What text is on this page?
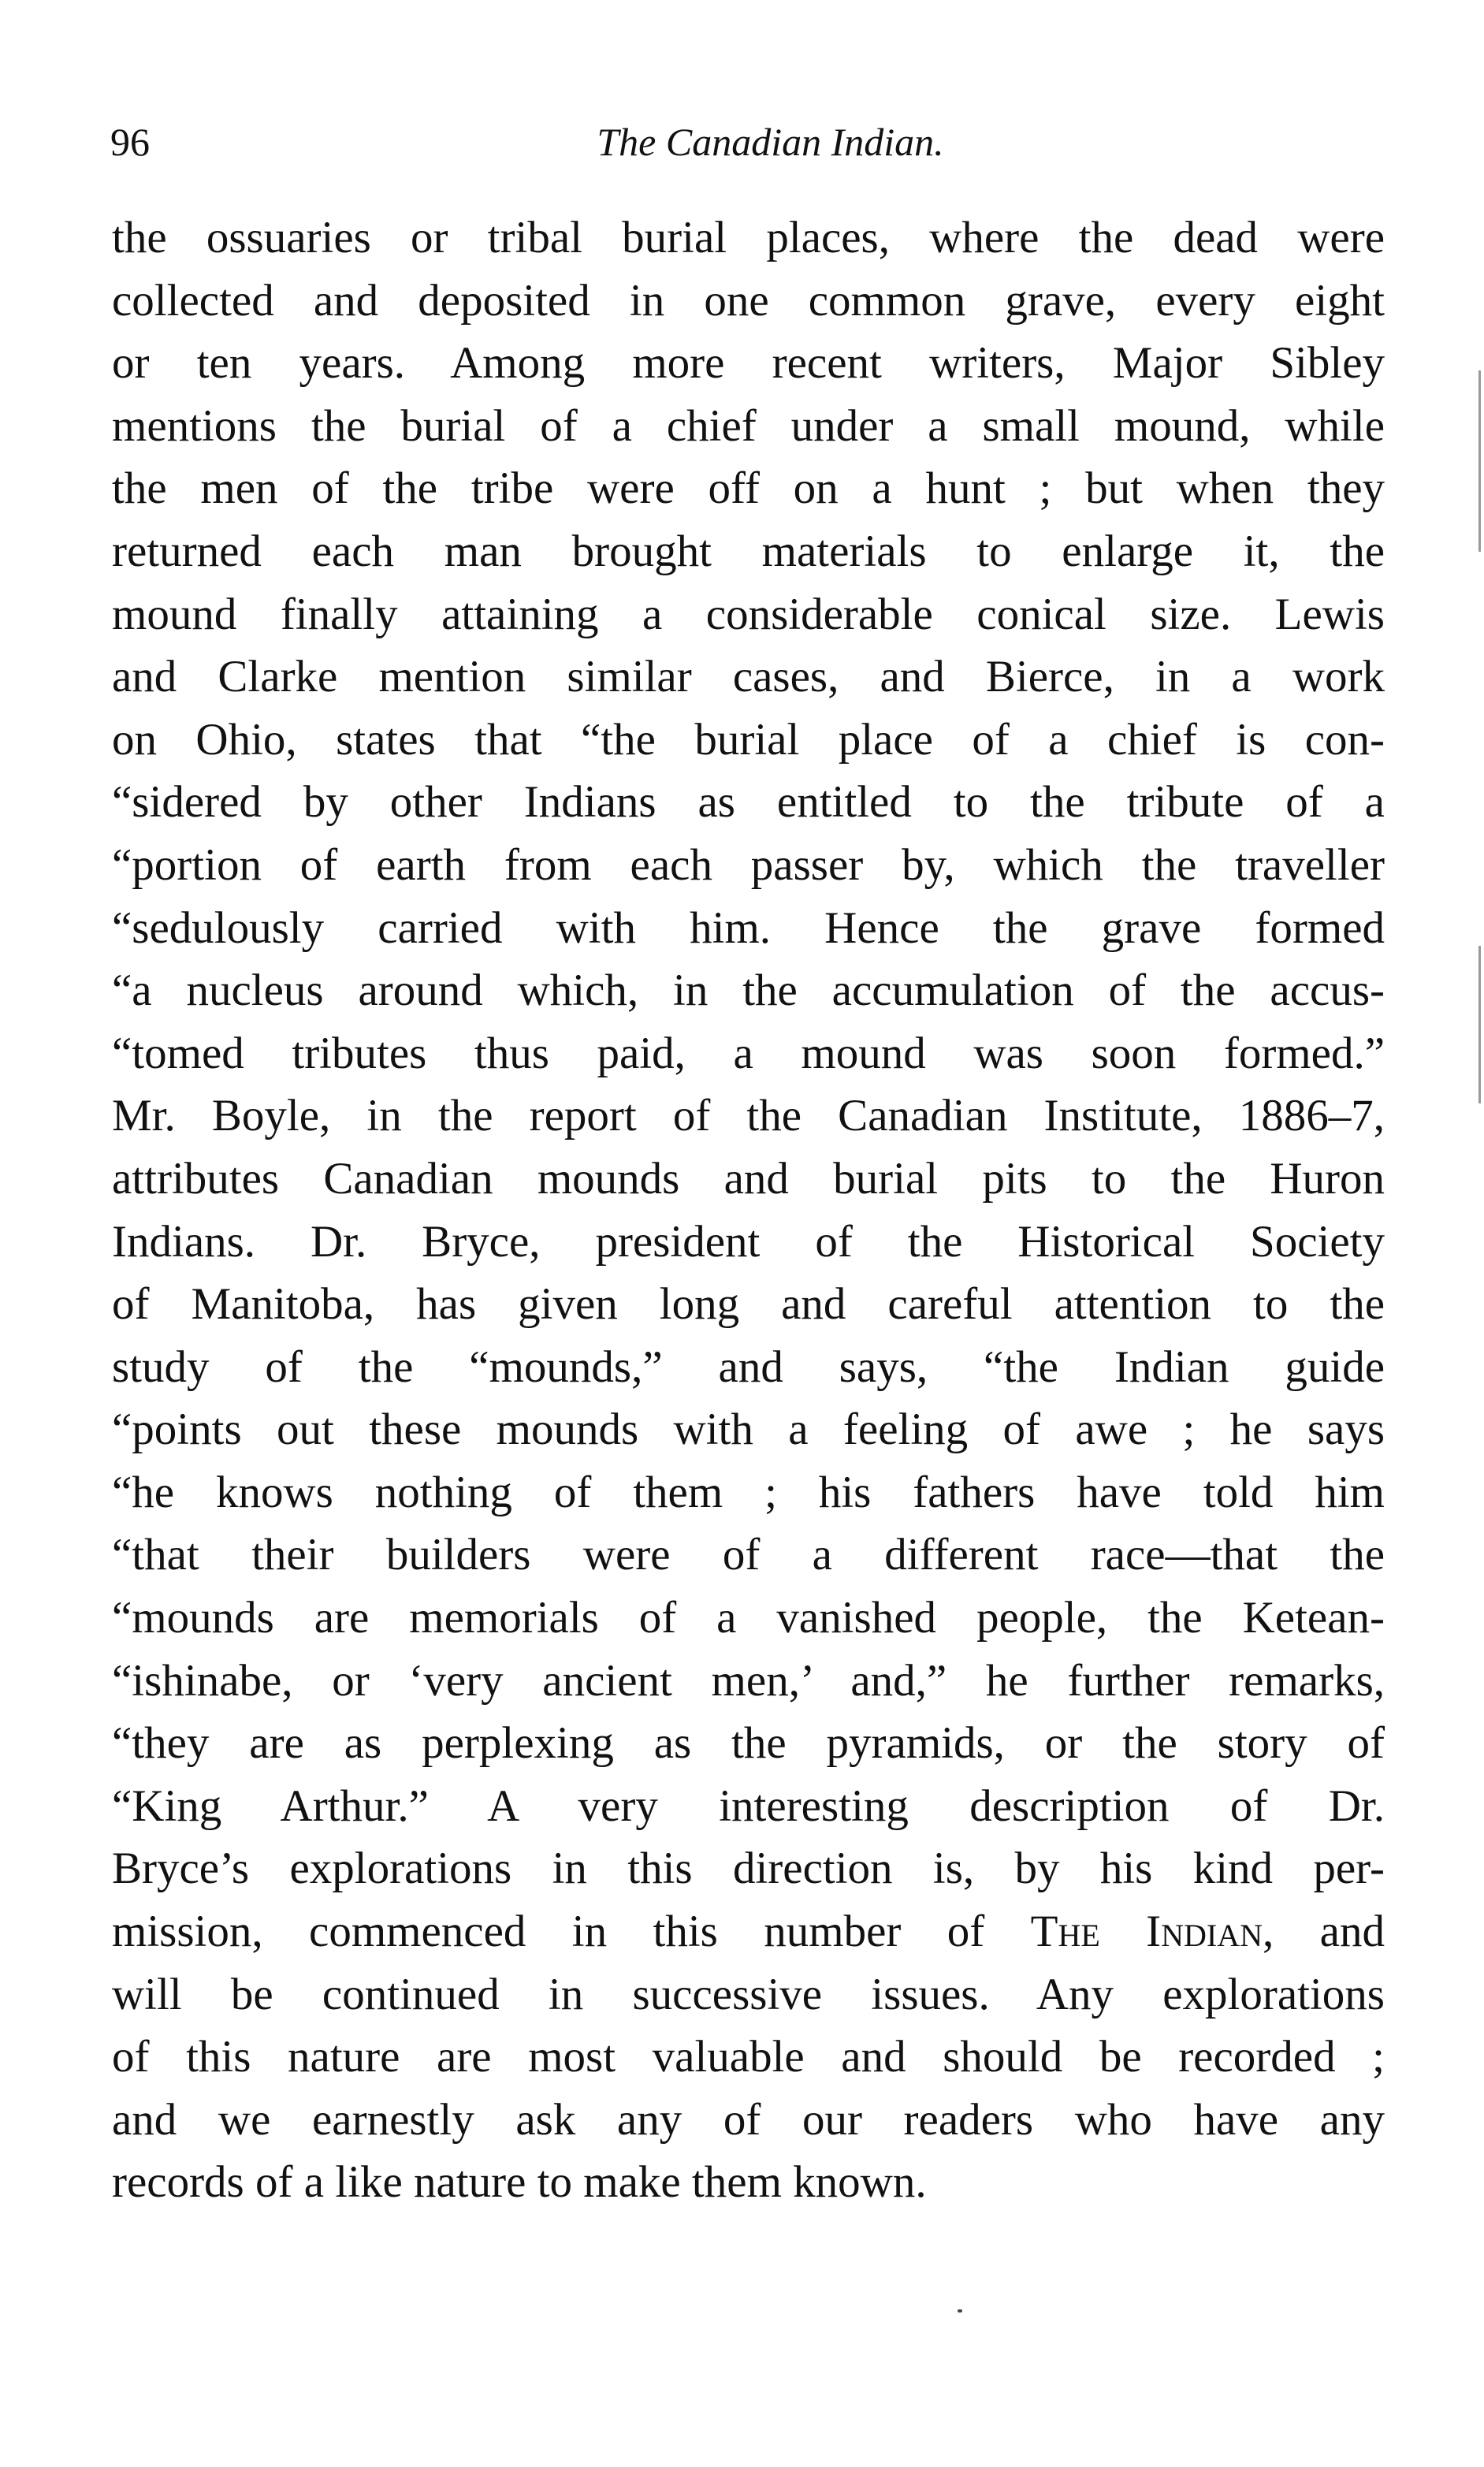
96	The Canadian Indian.
the ossuaries or tribal burial places, where the dead were
collected and deposited in one common grave, every eight
or ten years. Among more recent writers, Major Sibley
mentions the burial of a chief under a small mound, while
the men of the tribe were off on a hunt ; but when they
returned each man brought materials to enlarge it, the
mound finally attaining a considerable conical size. Lewis
and Clarke mention similar cases, and Bierce, in a work
on Ohio, states that “the burial place of a chief is con-
“sidered by other Indians as entitled to the tribute of a
“portion of earth from each passer by, which the traveller
“sedulously carried with him. Hence the grave formed
“a nucleus around which, in the accumulation of the accus-
“tomed tributes thus paid, a mound was soon formed.”
Mr. Boyle, in the report of the Canadian Institute, 1886–7,
attributes Canadian mounds and burial pits to the Huron
Indians. Dr. Bryce, president of the Historical Society
of Manitoba, has given long and careful attention to the
study of the “mounds,” and says, “the Indian guide
“points out these mounds with a feeling of awe ; he says
“he knows nothing of them ; his fathers have told him
“that their builders were of a different race—that the
“mounds are memorials of a vanished people, the Ketean-
“ishinabe, or ‘very ancient men,’ and,” he further remarks,
“they are as perplexing as the pyramids, or the story of
“King Arthur.” A very interesting description of Dr.
Bryce’s explorations in this direction is, by his kind per-
mission, commenced in this number of The Indian, and
will be continued in successive issues. Any explorations
of this nature are most valuable and should be recorded ;
and we earnestly ask any of our readers who have any
records of a like nature to make them known.
